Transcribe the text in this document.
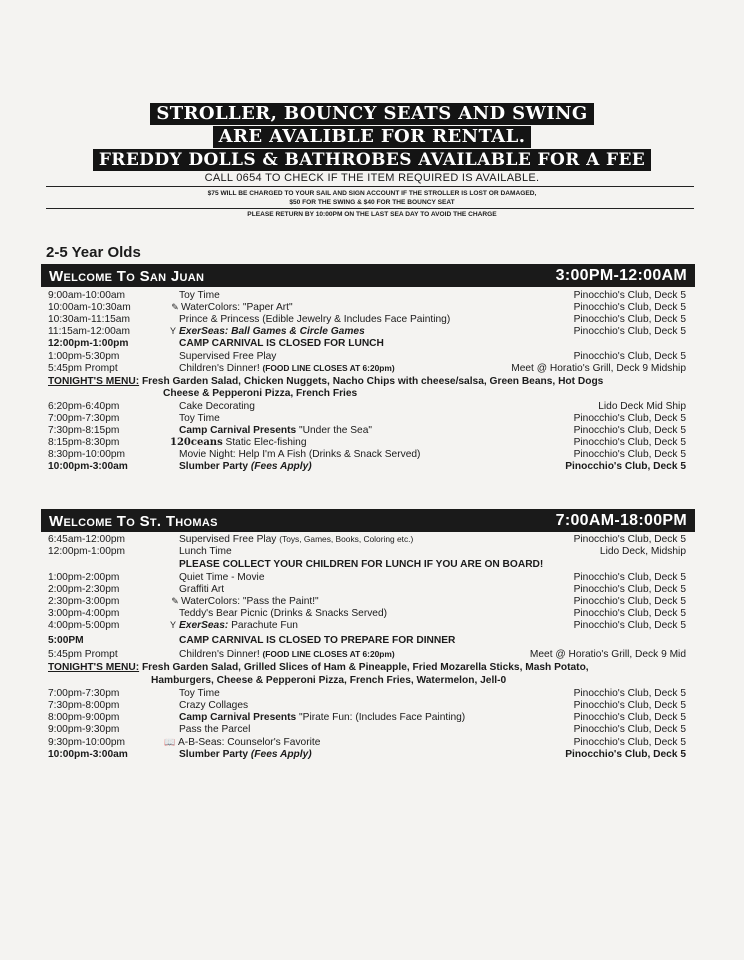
STROLLER, BOUNCY SEATS AND SWING
ARE AVALIBLE FOR RENTAL.
FREDDY DOLLS & BATHROBES AVAILABLE FOR A FEE
CALL 0654 TO CHECK IF THE ITEM REQUIRED IS AVAILABLE.
$75 WILL BE CHARGED TO YOUR SAIL AND SIGN ACCOUNT IF THE STROLLER IS LOST OR DAMAGED,
$50 FOR THE SWING & $40 FOR THE BOUNCY SEAT
PLEASE RETURN BY 10:00PM ON THE LAST SEA DAY TO AVOID THE CHARGE
2-5 Year Olds
Welcome To San Juan	3:00PM-12:00AM
9:00am-10:00am	Toy Time	Pinocchio's Club, Deck 5
10:00am-10:30am	✎ WaterColors: "Paper Art"	Pinocchio's Club, Deck 5
10:30am-11:15am	Prince & Princess (Edible Jewelry & Includes Face Painting)	Pinocchio's Club, Deck 5
11:15am-12:00am	Y ExerSeas: Ball Games & Circle Games	Pinocchio's Club, Deck 5
12:00pm-1:00pm	CAMP CARNIVAL IS CLOSED FOR LUNCH
1:00pm-5:30pm	Supervised Free Play	Pinocchio's Club, Deck 5
5:45pm Prompt	Children's Dinner! (FOOD LINE CLOSES AT 6:20pm)	Meet @ Horatio's Grill, Deck 9 Midship
TONIGHT'S MENU: Fresh Garden Salad, Chicken Nuggets, Nacho Chips with cheese/salsa, Green Beans, Hot Dogs
Cheese & Pepperoni Pizza, French Fries
6:20pm-6:40pm	Cake Decorating	Lido Deck Mid Ship
7:00pm-7:30pm	Toy Time	Pinocchio's Club, Deck 5
7:30pm-8:15pm	Camp Carnival Presents "Under the Sea"	Pinocchio's Club, Deck 5
8:15pm-8:30pm	120ceans Static Elec-fishing	Pinocchio's Club, Deck 5
8:30pm-10:00pm	Movie Night: Help I'm A Fish (Drinks & Snack Served)	Pinocchio's Club, Deck 5
10:00pm-3:00am	Slumber Party (Fees Apply)	Pinocchio's Club, Deck 5
Welcome To St. Thomas	7:00AM-18:00PM
6:45am-12:00pm	Supervised Free Play (Toys, Games, Books, Coloring etc.)	Pinocchio's Club, Deck 5
12:00pm-1:00pm	Lunch Time	Lido Deck, Midship
PLEASE COLLECT YOUR CHILDREN FOR LUNCH IF YOU ARE ON BOARD!
1:00pm-2:00pm	Quiet Time - Movie	Pinocchio's Club, Deck 5
2:00pm-2:30pm	Graffiti Art	Pinocchio's Club, Deck 5
2:30pm-3:00pm	✎ WaterColors: "Pass the Paint!"	Pinocchio's Club, Deck 5
3:00pm-4:00pm	Teddy's Bear Picnic (Drinks & Snacks Served)	Pinocchio's Club, Deck 5
4:00pm-5:00pm	Y ExerSeas: Parachute Fun	Pinocchio's Club, Deck 5
5:00PM	CAMP CARNIVAL IS CLOSED TO PREPARE FOR DINNER
5:45pm Prompt	Children's Dinner! (FOOD LINE CLOSES AT 6:20pm)	Meet @ Horatio's Grill, Deck 9 Mid
TONIGHT'S MENU: Fresh Garden Salad, Grilled Slices of Ham & Pineapple, Fried Mozarella Sticks, Mash Potato,
Hamburgers, Cheese & Pepperoni Pizza, French Fries, Watermelon, Jell-0
7:00pm-7:30pm	Toy Time	Pinocchio's Club, Deck 5
7:30pm-8:00pm	Crazy Collages	Pinocchio's Club, Deck 5
8:00pm-9:00pm	Camp Carnival Presents "Pirate Fun: (Includes Face Painting)	Pinocchio's Club, Deck 5
9:00pm-9:30pm	Pass the Parcel	Pinocchio's Club, Deck 5
9:30pm-10:00pm	📖 A-B-Seas: Counselor's Favorite	Pinocchio's Club, Deck 5
10:00pm-3:00am	Slumber Party (Fees Apply)	Pinocchio's Club, Deck 5
